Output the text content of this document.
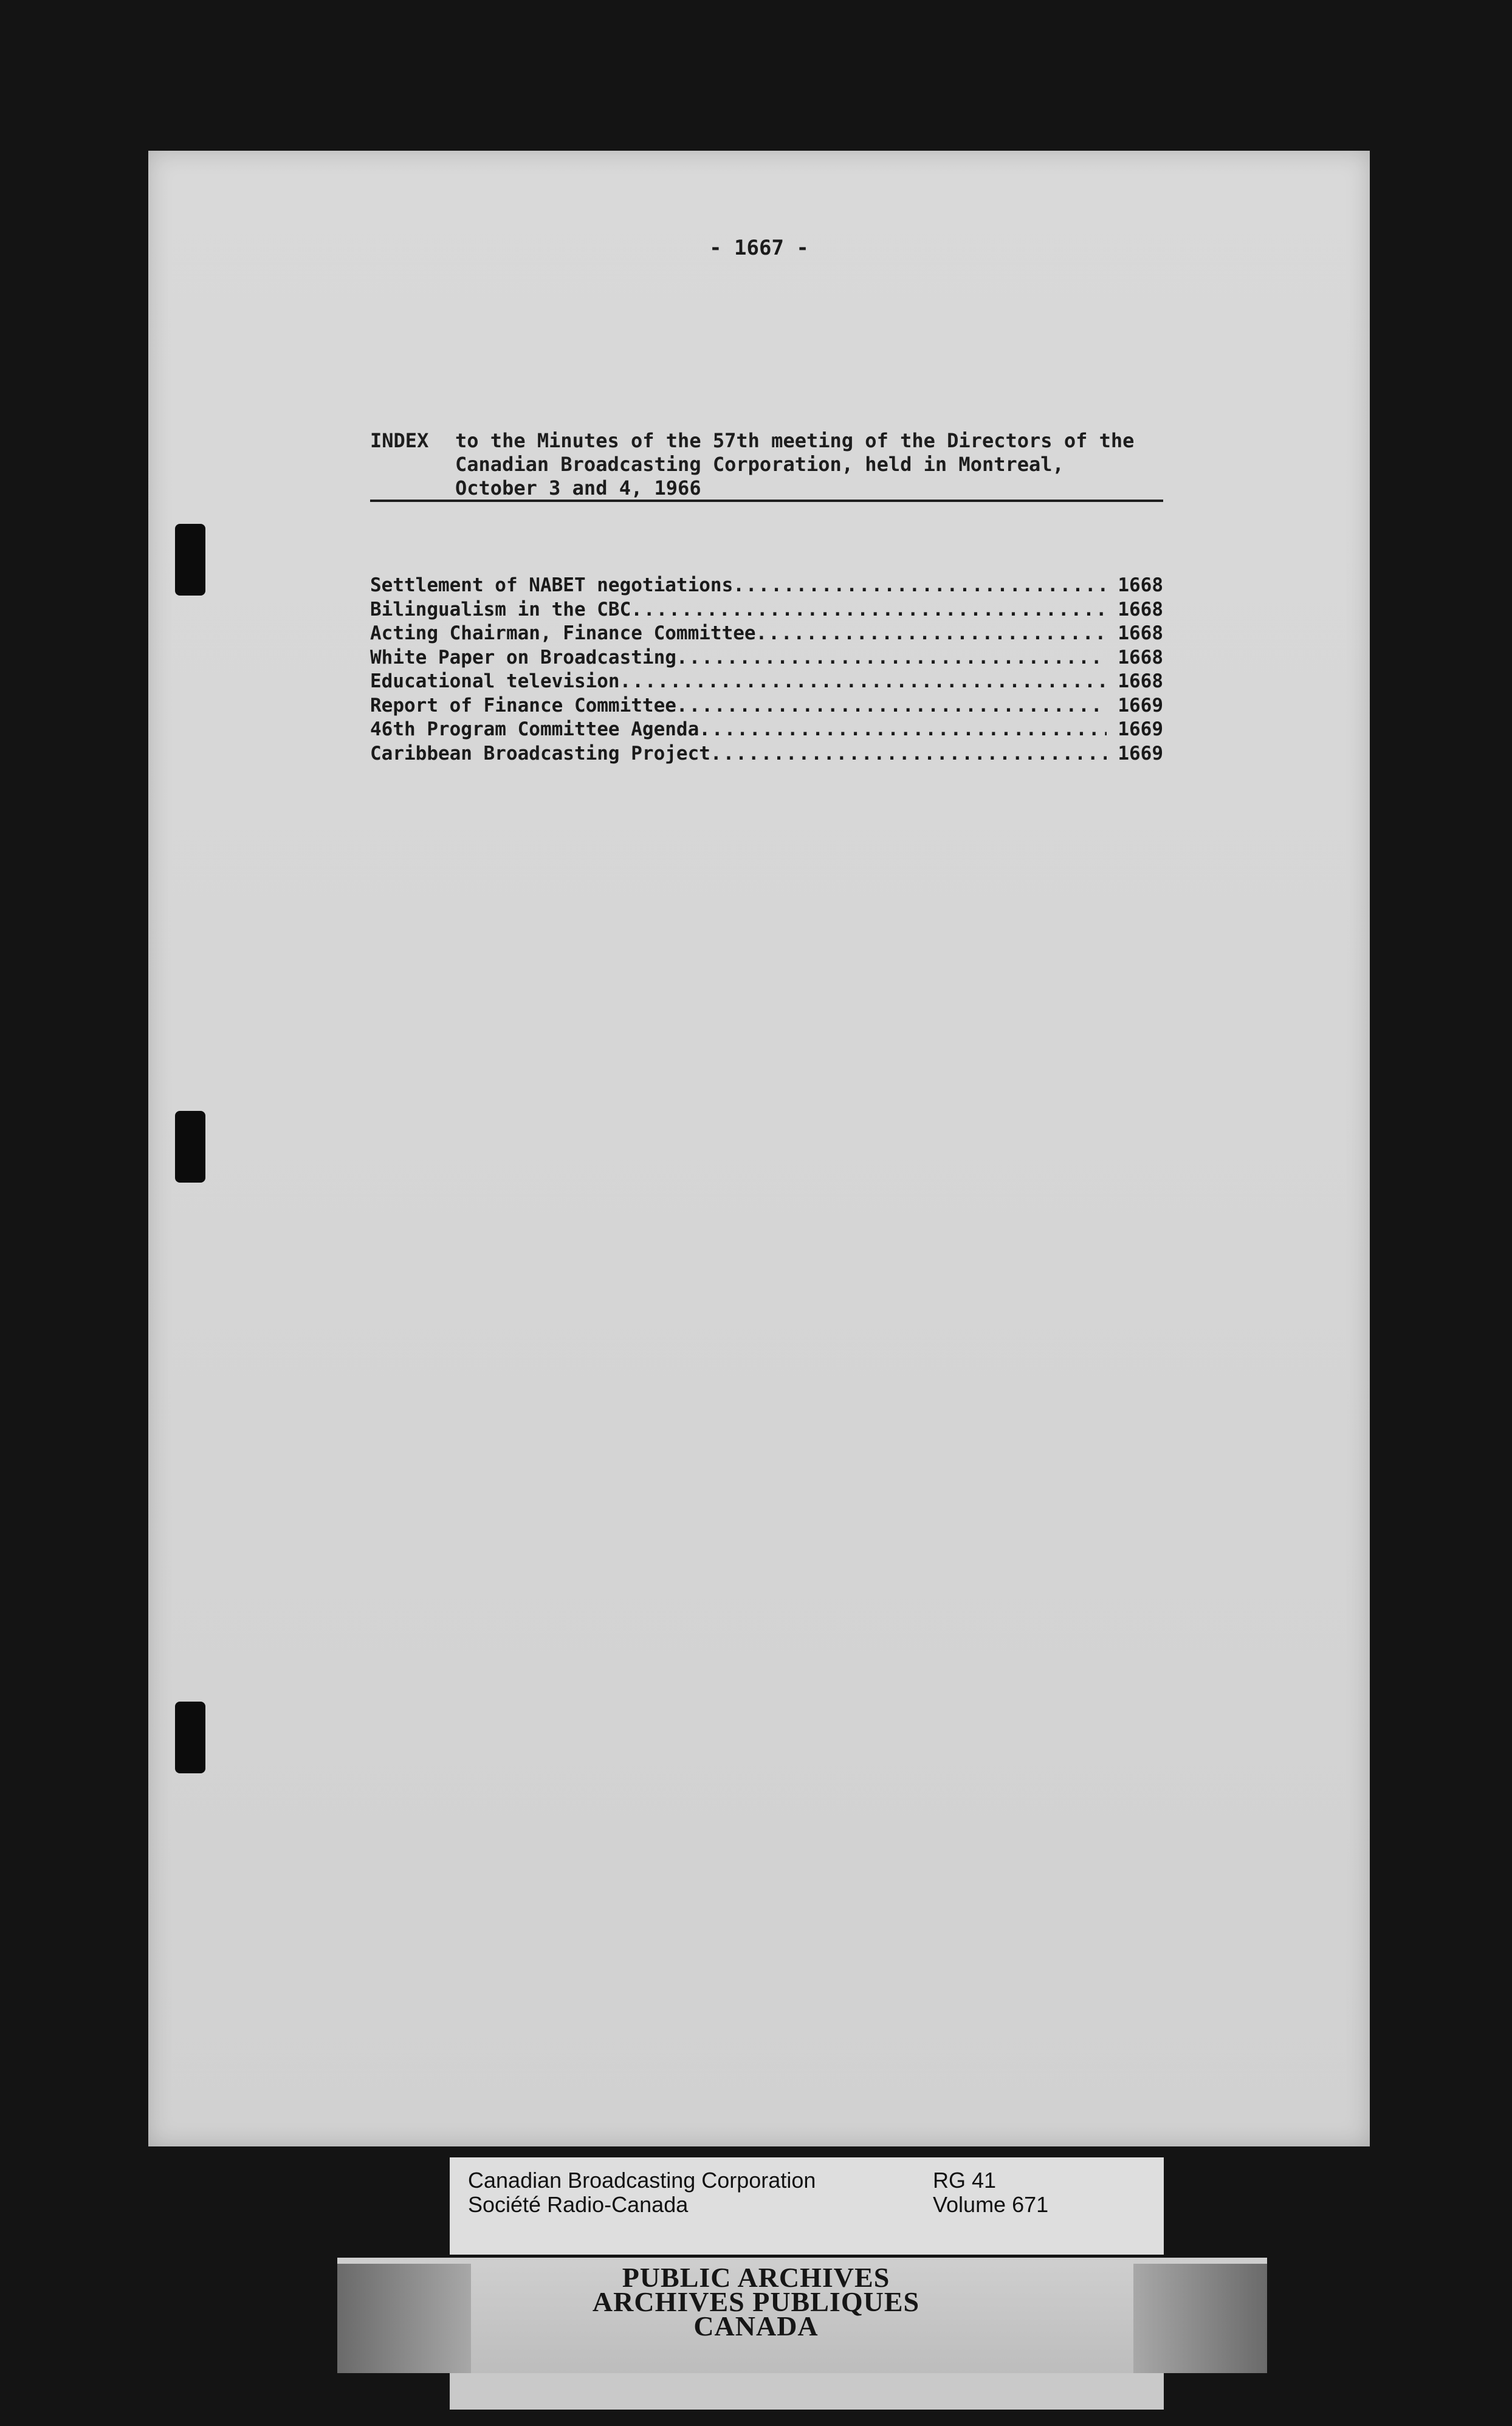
- 1667 -
INDEX to the Minutes of the 57th meeting of the Directors of the
Canadian Broadcasting Corporation, held in Montreal,
October 3 and 4, 1966
Settlement of NABET negotiations .....	1668
Bilingualism in the CBC .....	1668
Acting Chairman, Finance Committee .....	1668
White Paper on Broadcasting .....	1668
Educational television .....	1668
Report of Finance Committee .....	1669
46th Program Committee Agenda .....	1669
Caribbean Broadcasting Project .....	1669
Canadian Broadcasting Corporation
Société Radio-Canada
RG 41
Volume 671
PUBLIC ARCHIVES
ARCHIVES PUBLIQUES
CANADA
